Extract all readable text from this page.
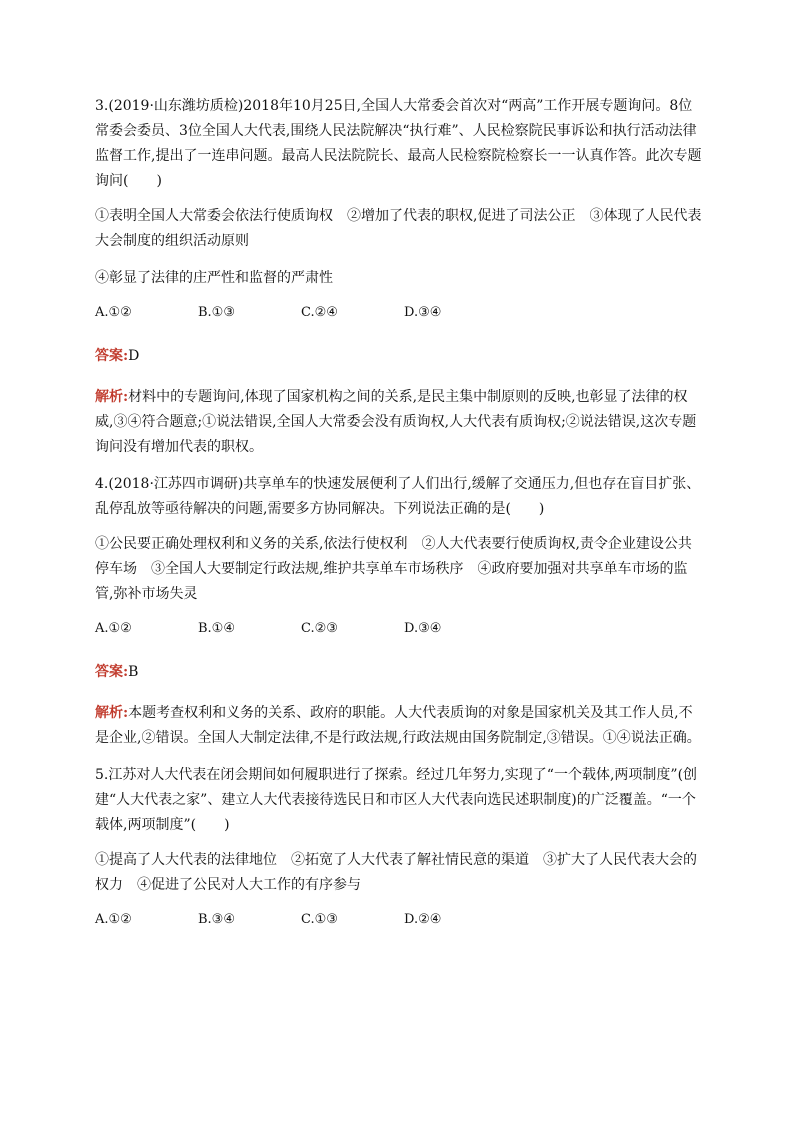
3.(2019·山东潍坊质检)2018年10月25日,全国人大常委会首次对“两高”工作开展专题询问。8位常委会委员、3位全国人大代表,围绕人民法院解决“执行难”、人民检察院民事诉讼和执行活动法律监督工作,提出了一连串问题。最高人民法院院长、最高人民检察院检察长一一认真作答。此次专题询问(　　)

①表明全国人大常委会依法行使质询权　②增加了代表的职权,促进了司法公正　③体现了人民代表大会制度的组织活动原则

④彰显了法律的庄严性和监督的严肃性

A.①②	B.①③	C.②④	D.③④
答案:D

解析:材料中的专题询问,体现了国家机构之间的关系,是民主集中制原则的反映,也彰显了法律的权威,③④符合题意;①说法错误,全国人大常委会没有质询权,人大代表有质询权;②说法错误,这次专题询问没有增加代表的职权。

4.(2018·江苏四市调研)共享单车的快速发展便利了人们出行,缓解了交通压力,但也存在盲目扩张、乱停乱放等亟待解决的问题,需要多方协同解决。下列说法正确的是(　　)

①公民要正确处理权利和义务的关系,依法行使权利　②人大代表要行使质询权,责令企业建设公共停车场　③全国人大要制定行政法规,维护共享单车市场秩序　④政府要加强对共享单车市场的监管,弥补市场失灵

A.①②	B.①④	C.②③	D.③④
答案:B

解析:本题考查权利和义务的关系、政府的职能。人大代表质询的对象是国家机关及其工作人员,不是企业,②错误。全国人大制定法律,不是行政法规,行政法规由国务院制定,③错误。①④说法正确。

5.江苏对人大代表在闭会期间如何履职进行了探索。经过几年努力,实现了“一个载体,两项制度”(创建“人大代表之家”、建立人大代表接待选民日和市区人大代表向选民述职制度)的广泛覆盖。“一个载体,两项制度”(　　)

①提高了人大代表的法律地位　②拓宽了人大代表了解社情民意的渠道　③扩大了人民代表大会的权力　④促进了公民对人大工作的有序参与

A.①②	B.③④	C.①③	D.②④
